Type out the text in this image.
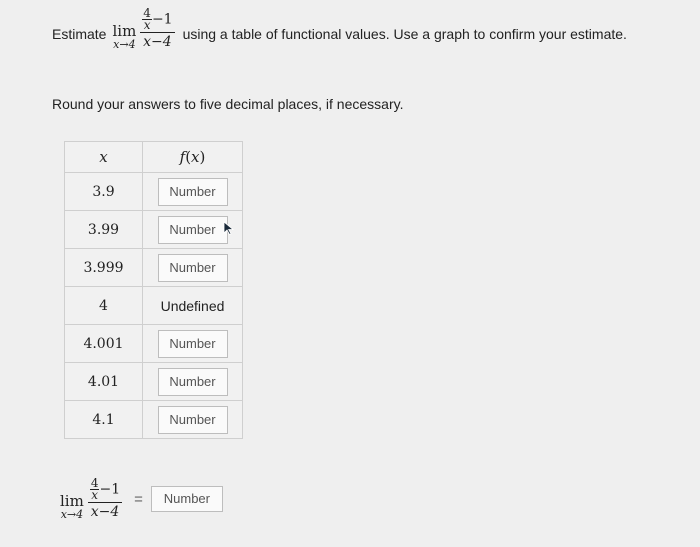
Estimate lim
x→4
$\frac{4}{x} -1$
x−4 using a table of functional values. Use a graph to confirm your estimate.
Round your answers to five decimal places, if necessary.
x	f(x)
3.9	Number
3.99	Number
3.999	Number
4	Undefined
4.001	Number
4.01	Number
4.1	Number
lim
$x\to 4 \frac{\frac{4}{x} -1}{x-4}$ =	Number
